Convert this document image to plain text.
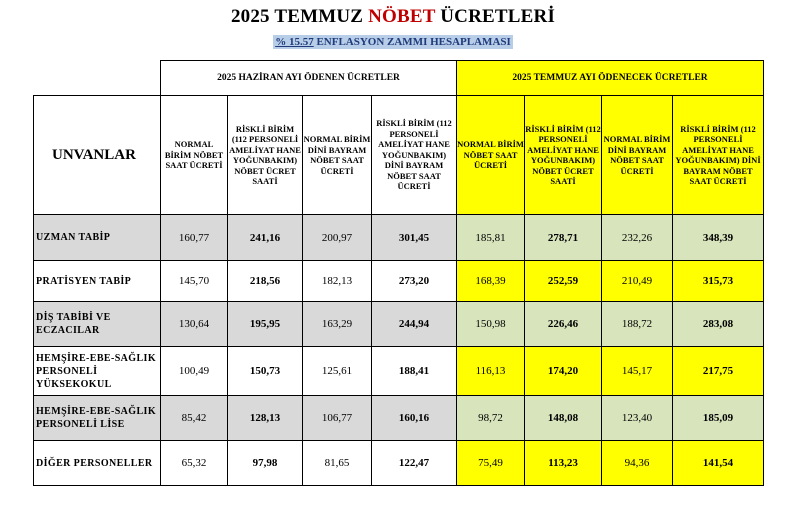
2025 TEMMUZ NÖBET ÜCRETLERİ
% 15.57 ENFLASYON ZAMMI HESAPLAMASI
	2025 HAZİRAN AYI ÖDENEN ÜCRETLER				2025 TEMMUZ AYI ÖDENECEK ÜCRETLER			
UNVANLAR	NORMAL BİRİM NÖBET SAAT ÜCRETİ	RİSKLİ BİRİM (112 PERSONELİ AMELİYAT HANE YOĞUNBAKIM) NÖBET ÜCRET SAATİ	NORMAL BİRİM DİNİ BAYRAM NÖBET SAAT ÜCRETİ	RİSKLİ BİRİM (112 PERSONELİ AMELİYAT HANE YOĞUNBAKIM) DİNİ BAYRAM NÖBET SAAT ÜCRETİ	NORMAL BİRİM NÖBET SAAT ÜCRETİ	RİSKLİ BİRİM (112 PERSONELİ AMELİYAT HANE YOĞUNBAKIM) NÖBET ÜCRET SAATİ	NORMAL BİRİM DİNİ BAYRAM NÖBET SAAT ÜCRETİ	RİSKLİ BİRİM (112 PERSONELİ AMELİYAT HANE YOĞUNBAKIM) DİNİ BAYRAM NÖBET SAAT ÜCRETİ
UZMAN TABİP	160,77	241,16	200,97	301,45	185,81	278,71	232,26	348,39
PRATİSYEN TABİP	145,70	218,56	182,13	273,20	168,39	252,59	210,49	315,73
DİŞ TABİBİ VE ECZACILAR	130,64	195,95	163,29	244,94	150,98	226,46	188,72	283,08
HEMŞİRE-EBE-SAĞLIK PERSONELİ YÜKSEKOKUL	100,49	150,73	125,61	188,41	116,13	174,20	145,17	217,75
HEMŞİRE-EBE-SAĞLIK PERSONELİ LİSE	85,42	128,13	106,77	160,16	98,72	148,08	123,40	185,09
DİĞER PERSONELLER	65,32	97,98	81,65	122,47	75,49	113,23	94,36	141,54
